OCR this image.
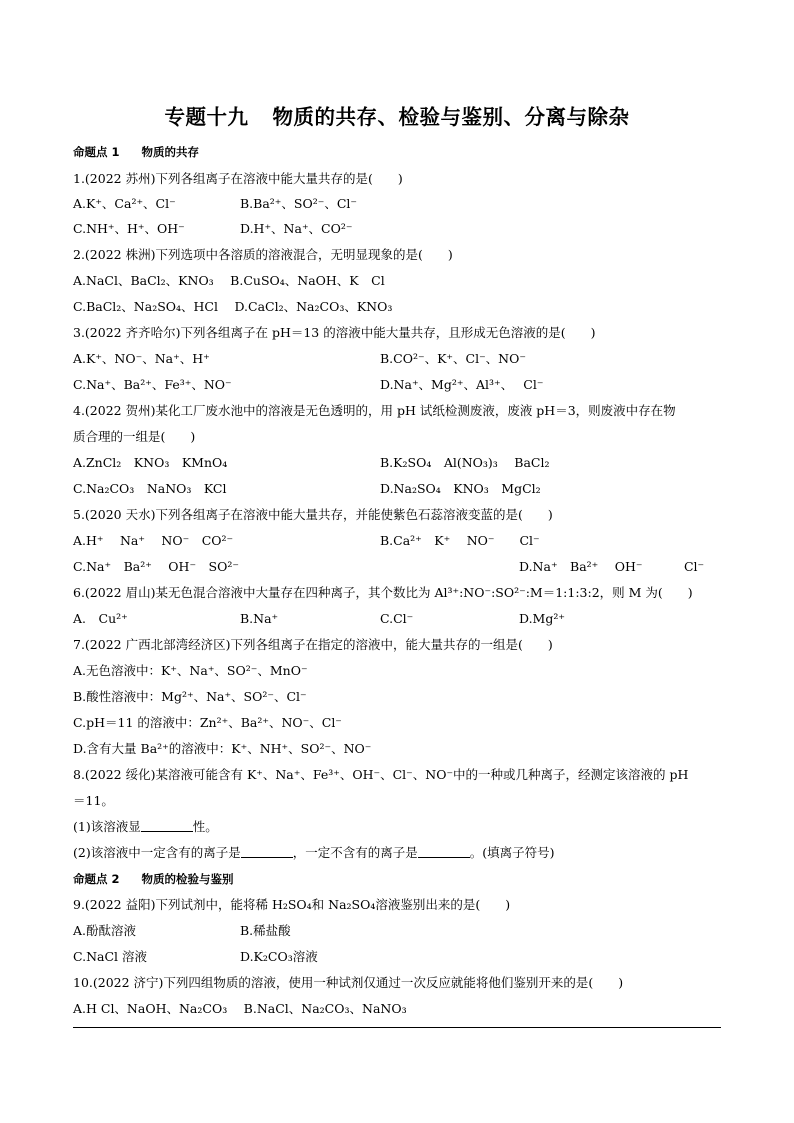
专题十九 物质的共存、检验与鉴别、分离与除杂
命题点 1 物质的共存
1.(2022 苏州)下列各组离子在溶液中能大量共存的是(　　)
A.K⁺、Ca²⁺、Cl⁻	B.Ba²⁺、SO²⁻、Cl⁻
C.NH⁺、H⁺、OH⁻	D.H⁺、Na⁺、CO²⁻
2.(2022 株洲)下列选项中各溶质的溶液混合，无明显现象的是(　　)
A.NaCl、BaCl₂、KNO₃　 B.CuSO₄、NaOH、K　Cl
C.BaCl₂、Na₂SO₄、HCl　 D.CaCl₂、Na₂CO₃、KNO₃
3.(2022 齐齐哈尔)下列各组离子在 pH＝13 的溶液中能大量共存，且形成无色溶液的是(　　)
A.K⁺、NO⁻、Na⁺、H⁺	B.CO²⁻、K⁺、Cl⁻、NO⁻
C.Na⁺、Ba²⁺、Fe³⁺、NO⁻	D.Na⁺、Mg²⁺、Al³⁺、　 Cl⁻
4.(2022 贺州)某化工厂废水池中的溶液是无色透明的，用 pH 试纸检测废液，废液 pH＝3，则废液中存在物
质合理的一组是(　　)
A.ZnCl₂　KNO₃　KMnO₄	B.K₂SO₄　Al(NO₃)₃　 BaCl₂
C.Na₂CO₃　NaNO₃　KCl	D.Na₂SO₄　KNO₃　MgCl₂
5.(2020 天水)下列各组离子在溶液中能大量共存，并能使紫色石蕊溶液变蓝的是(　　)
A.H⁺　 Na⁺　 NO⁻　CO²⁻	B.Ca²⁺　K⁺　 NO⁻　　Cl⁻
C.Na⁺　Ba²⁺　 OH⁻　SO²⁻	D.Na⁺　Ba²⁺　 OH⁻　　　 Cl⁻
6.(2022 眉山)某无色混合溶液中大量存在四种离子，其个数比为 Al³⁺:NO⁻:SO²⁻:M＝1:1:3:2，则 M 为(　　)
A.　Cu²⁺	B.Na⁺	C.Cl⁻	D.Mg²⁺
7.(2022 广西北部湾经济区)下列各组离子在指定的溶液中，能大量共存的一组是(　　)
A.无色溶液中：K⁺、Na⁺、SO²⁻、MnO⁻
B.酸性溶液中：Mg²⁺、Na⁺、SO²⁻、Cl⁻
C.pH＝11 的溶液中：Zn²⁺、Ba²⁺、NO⁻、Cl⁻
D.含有大量 Ba²⁺的溶液中：K⁺、NH⁺、SO²⁻、NO⁻
8.(2022 绥化)某溶液可能含有 K⁺、Na⁺、Fe³⁺、OH⁻、Cl⁻、NO⁻中的一种或几种离子，经测定该溶液的 pH
＝11。
(1)该溶液显	性。
(2)该溶液中一定含有的离子是	，一定不含有的离子是	。(填离子符号)
命题点 2 物质的检验与鉴别
9.(2022 益阳)下列试剂中，能将稀 H₂SO₄和 Na₂SO₄溶液鉴别出来的是(　　)
A.酚酞溶液	B.稀盐酸
C.NaCl 溶液	D.K₂CO₃溶液
10.(2022 济宁)下列四组物质的溶液，使用一种试剂仅通过一次反应就能将他们鉴别开来的是(　　)
A.H Cl、NaOH、Na₂CO₃　 B.NaCl、Na₂CO₃、NaNO₃
